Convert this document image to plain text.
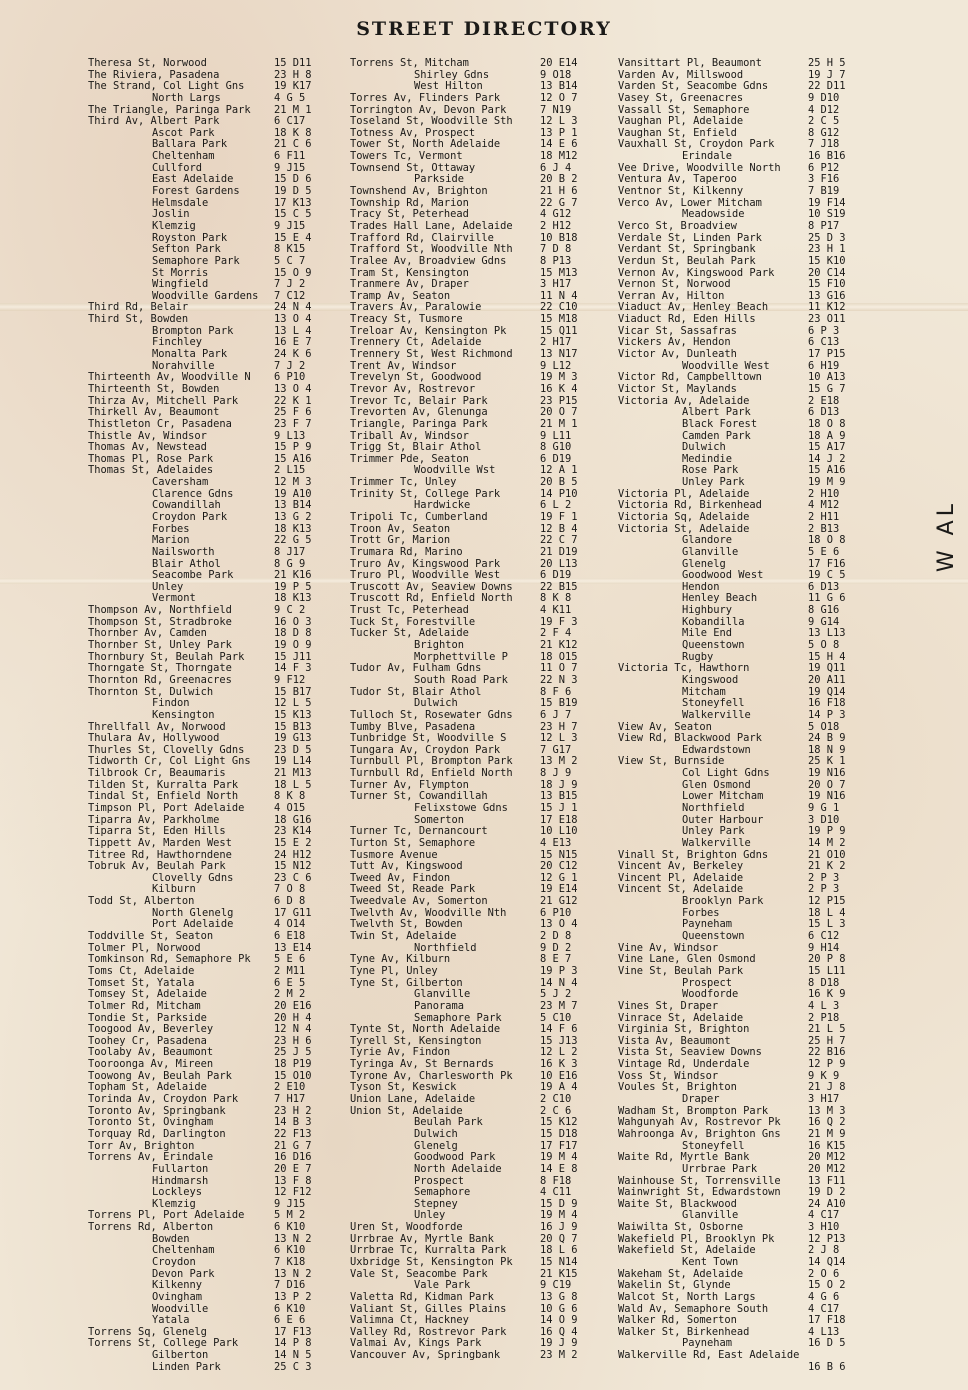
STREET DIRECTORY
Theresa St, Norwood	15 D11
The Riviera, Pasadena	23 H 8
The Strand, Col Light Gns	19 K17
North Largs	4 G 5
The Triangle, Paringa Park 21 M 1
Third Av, Albert Park	6 C17
Ascot Park	18 K 8
Ballara Park	21 C 6
Cheltenham	6 F11
Cullford	9 J15
East Adelaide	15 D 6
Forest Gardens	19 D 5
Helmsdale	17 K13
Joslin	15 C 5
Klemzig	9 J15
Royston Park	15 E 4
Sefton Park	8 K15
Semaphore Park	5 C 7
St Morris	15 O 9
Wingfield	7 J 2
Woodville Gardens 7 C12
Third Rd, Belair	24 N 4
Third St, Bowden	13 O 4
Brompton Park	13 L 4
Finchley	16 E 7
Monalta Park	24 K 6
Norahville	7 J 2
Thirteenth Av, Woodville N 6 P10
Thirteenth St, Bowden	13 O 4
Thirza Av, Mitchell Park	22 K 1
Thirkell Av, Beaumont	25 F 6
Thistleton Cr, Pasadena	23 F 7
Thistle Av, Windsor	9 L13
Thomas Av, Newstead	15 P 9
Thomas Pl, Rose Park	15 A16
Thomas St, Adelaides	2 L15
Caversham	12 M 3
Clarence Gdns	19 A10
Cowandillah	13 B14
Croydon Park	13 G 2
Forbes	18 K13
Marion	22 G 5
Nailsworth	8 J17
Blair Athol	8 G 9
Seacombe Park	21 K16
Unley	19 P 5
Vermont	18 K13
Thompson Av, Northfield	9 C 2
Thompson St, Stradbroke	16 O 3
Thornber Av, Camden	18 D 8
Thornber St, Unley Park	19 O 9
Thornbury St, Beulah Park	15 J11
Thorngate St, Thorngate	14 F 3
Thornton Rd, Greenacres	9 F12
Thornton St, Dulwich	15 B17
Findon	12 L 5
Kensington	15 K13
Threllfall Av, Norwood	15 B13
Thulara Av, Hollywood	19 G13
Thurles St, Clovelly Gdns	23 D 5
Tidworth Cr, Col Light Gns 19 L14
Tilbrook Cr, Beaumaris	21 M13
Tilden St, Kurralta Park	18 L 5
Tindal St, Enfield North	8 K 8
Timpson Pl, Port Adelaide	4 O15
Tiparra Av, Parkholme	18 G16
Tiparra St, Eden Hills	23 K14
Tippett Av, Marden West	15 E 2
Titree Rd, Hawthorndene	24 H12
Tobruk Av, Beulah Park	15 N12
Clovelly Gdns	23 C 6
Kilburn	7 O 8
Todd St, Alberton	6 D 8
North Glenelg	17 G11
Port Adelaide	4 O14
Toddville St, Seaton	6 E18
Tolmer Pl, Norwood	13 E14
Tomkinson Rd, Semaphore Pk 5 E 6
Toms Ct, Adelaide	2 M11
Tomset St, Yatala	6 E 5
Tomsey St, Adelaide	2 M 2
Tolmer Rd, Mitcham	20 E16
Tondie St, Parkside	20 H 4
Toogood Av, Beverley	12 N 4
Toohey Cr, Pasadena	23 H 6
Toolaby Av, Beaumont	25 J 5
Tooroonga Av, Mireen	18 P19
Toowong Av, Beulah Park	15 O10
Topham St, Adelaide	2 E10
Torinda Av, Croydon Park	7 H17
Toronto Av, Springbank	23 H 2
Toronto St, Ovingham	14 B 3
Torquay Rd, Darlington	22 F13
Torr Av, Brighton	21 G 7
Torrens Av, Erindale	16 D16
Fullarton	20 E 7
Hindmarsh	13 F 8
Lockleys	12 F12
Klemzig	9 J15
Torrens Pl, Port Adelaide	5 M 2
Torrens Rd, Alberton	6 K10
Bowden	13 N 2
Cheltenham	6 K10
Croydon	7 K18
Devon Park	13 N 2
Kilkenny	7 D16
Ovingham	13 P 2
Woodville	6 K10
Yatala	6 E 6
Torrens Sq, Glenelg	17 F13
Torrens St, College Park	14 P 8
Gilberton	14 N 5
Linden Park	25 C 3
Torrens St, Mitcham	20 E14
Shirley Gdns	9 O18
West Hilton	13 B14
Torres Av, Flinders Park	12 O 7
Torrington Av, Devon Park	7 N19
Toseland St, Woodville Sth	12 L 3
Totness Av, Prospect	13 P 1
Tower St, North Adelaide	14 E 6
Towers Tc, Vermont	18 M12
Townsend St, Ottaway	6 J 4
Parkside	20 B 2
Townshend Av, Brighton	21 H 6
Township Rd, Marion	22 G 7
Tracy St, Peterhead	4 G12
Trades Hall Lane, Adelaide	2 H12
Trafford Rd, Clairville	10 B18
Trafford St, Woodville Nth	7 D 8
Tralee Av, Broadview Gdns	8 P13
Tram St, Kensington	15 M13
Tranmere Av, Draper	3 H17
Tramp Av, Seaton	11 N 4
Travers Av, Paralowie	22 C10
Treacy St, Tusmore	15 M18
Treloar Av, Kensington Pk	15 Q11
Trennery Ct, Adelaide	2 H17
Trennery St, West Richmond	13 N17
Trent Av, Windsor	9 L12
Trevelyn St, Goodwood	19 M 3
Trevor Av, Rostrevor	16 K 4
Trevor Tc, Belair Park	23 P15
Trevorten Av, Glenunga	20 O 7
Triangle, Paringa Park	21 M 1
Triball Av, Windsor	9 L11
Trigg St, Blair Athol	8 G10
Trimmer Pde, Seaton	6 D19
Woodville Wst	12 A 1
Trimmer Tc, Unley	20 B 5
Trinity St, College Park	14 P10
Hardwicke	6 L 2
Tripoli Tc, Cumberland	19 F 1
Troon Av, Seaton	12 B 4
Trott Gr, Marion	22 C 7
Trumara Rd, Marino	21 D19
Truro Av, Kingswood Park	20 L13
Truro Pl, Woodville West	6 D19
Truscott Av, Seaview Downs	22 B15
Truscott Rd, Enfield North	8 K 8
Trust Tc, Peterhead	4 K11
Tuck St, Forestville	19 F 3
Tucker St, Adelaide	2 F 4
Brighton	21 K12
Morphettville P	18 O15
Tudor Av, Fulham Gdns	11 O 7
South Road Park	22 N 3
Tudor St, Blair Athol	8 F 6
Dulwich	15 B19
Tulloch St, Rosewater Gdns	6 J 7
Tumby Blve, Pasadena	23 H 7
Tunbridge St, Woodville S	12 L 3
Tungara Av, Croydon Park	7 G17
Turnbull Pl, Brompton Park	13 M 2
Turnbull Rd, Enfield North	8 J 9
Turner Av, Flympton	18 J 9
Turner St, Cowandillah	13 B15
Felixstowe Gdns	15 J 1
Somerton	17 E18
Turner Tc, Dernancourt	10 L10
Turton St, Semaphore	4 E13
Tusmore Avenue	15 N15
Tutt Av, Kingswood	20 C12
Tweed Av, Findon	12 G 1
Tweed St, Reade Park	19 E14
Tweedvale Av, Somerton	21 G12
Twelvth Av, Woodville Nth	6 P10
Twelvth St, Bowden	13 O 4
Twin St, Adelaide	2 D 8
Northfield	9 D 2
Tyne Av, Kilburn	8 E 7
Tyne Pl, Unley	19 P 3
Tyne St, Gilberton	14 N 4
Glanville	5 J 2
Panorama	23 M 7
Semaphore Park	5 C10
Tynte St, North Adelaide	14 F 6
Tyrell St, Kensington	15 J13
Tyrie Av, Findon	12 L 2
Tyringa Av, St Bernards	16 K 3
Tyrone Av, Charlesworth Pk	10 E16
Tyson St, Keswick	19 A 4
Union Lane, Adelaide	2 C10
Union St, Adelaide	2 C 6
Beulah Park	15 K12
Dulwich	15 D18
Glenelg	17 F17
Goodwood Park	19 M 4
North Adelaide	14 E 8
Prospect	8 F18
Semaphore	4 C11
Stepney	15 D 9
Unley	19 M 4
Uren St, Woodforde	16 J 9
Urrbrae Av, Myrtle Bank	20 Q 7
Urrbrae Tc, Kurralta Park	18 L 6
Uxbridge St, Kensington Pk	15 N14
Vale St, Seacombe Park	21 K15
Vale Park	9 C19
Valetta Rd, Kidman Park	13 G 8
Valiant St, Gilles Plains	10 G 6
Valimna Ct, Hackney	14 O 9
Valley Rd, Rostrevor Park	16 Q 4
Valmai Av, Kings Park	19 J 9
Vancouver Av, Springbank	23 M 2
Vansittart Pl, Beaumont	25 H 5
Varden Av, Millswood	19 J 7
Varden St, Seacombe Gdns	22 D11
Vasey St, Greenacres	9 D10
Vassall St, Semaphore	4 D12
Vaughan Pl, Adelaide	2 C 5
Vaughan St, Enfield	8 G12
Vauxhall St, Croydon Park	7 J18
Erindale	16 B16
Vee Drive, Woodville North	6 P12
Ventura Av, Taperoo	3 F16
Ventnor St, Kilkenny	7 B19
Verco Av, Lower Mitcham	19 F14
Meadowside	10 S19
Verco St, Broadview	8 P17
Verdale St, Linden Park	25 D 3
Verdant St, Springbank	23 H 1
Verdun St, Beulah Park	15 K10
Vernon Av, Kingswood Park	20 C14
Vernon St, Norwood	15 F10
Verran Av, Hilton	13 G16
Viaduct Av, Henley Beach	11 K12
Viaduct Rd, Eden Hills	23 O11
Vicar St, Sassafras	6 P 3
Vickers Av, Hendon	6 C13
Victor Av, Dunleath	17 P15
Woodville West	6 H19
Victor Rd, Campbelltown	10 A13
Victor St, Maylands	15 G 7
Victoria Av, Adelaide	2 E18
Albert Park	6 D13
Black Forest	18 O 8
Camden Park	18 A 9
Dulwich	15 A17
Medindie	14 J 2
Rose Park	15 A16
Unley Park	19 M 9
Victoria Pl, Adelaide	2 H10
Victoria Rd, Birkenhead	4 M12
Victoria Sq, Adelaide	2 H11
Victoria St, Adelaide	2 B13
Glandore	18 O 8
Glanville	5 E 6
Glenelg	17 F16
Goodwood West	19 C 5
Hendon	6 D13
Henley Beach	11 G 6
Highbury	8 G16
Kobandilla	9 G14
Mile End	13 L13
Queenstown	5 O 8
Rugby	15 H 4
Victoria Tc, Hawthorn	19 Q11
Kingswood	20 A11
Mitcham	19 Q14
Stoneyfell	16 F18
Walkerville	14 P 3
View Av, Seaton	5 O18
View Rd, Blackwood Park	24 B 9
Edwardstown	18 N 9
View St, Burnside	25 K 1
Col Light Gdns	19 N16
Glen Osmond	20 O 7
Lower Mitcham	19 N16
Northfield	9 G 1
Outer Harbour	3 D10
Unley Park	19 P 9
Walkerville	14 M 2
Vinall St, Brighton Gdns	21 O10
Vincent Av, Berkeley	21 K 2
Vincent Pl, Adelaide	2 P 3
Vincent St, Adelaide	2 P 3
Brooklyn Park	12 P15
Forbes	18 L 4
Payneham	15 L 3
Queenstown	6 C12
Vine Av, Windsor	9 H14
Vine Lane, Glen Osmond	20 P 8
Vine St, Beulah Park	15 L11
Prospect	8 D18
Woodforde	16 K 9
Vines St, Draper	4 L 3
Vinrace St, Adelaide	2 P18
Virginia St, Brighton	21 L 5
Vista Av, Beaumont	25 H 7
Vista St, Seaview Downs	22 B16
Vintage Rd, Underdale	12 P 9
Voss St, Windsor	9 K 9
Voules St, Brighton	21 J 8
Draper	3 H17
Wadham St, Brompton Park	13 M 3
Wahgunyah Av, Rostrevor Pk	16 Q 2
Wahroonga Av, Brighton Gns	21 M 9
Stoneyfell	16 K15
Waite Rd, Myrtle Bank	20 M12
Urrbrae Park	20 M12
Wainhouse St, Torrensville	13 F11
Wainwright St, Edwardstown	19 D 2
Waite St, Blackwood	24 A10
Glanville	4 C17
Waiwilta St, Osborne	3 H10
Wakefield Pl, Brooklyn Pk	12 P13
Wakefield St, Adelaide	2 J 8
Kent Town	14 Q14
Wakeham St, Adelaide	2 O 6
Wakelin St, Glynde	15 O 2
Walcot St, North Largs	4 G 6
Wald Av, Semaphore South	4 C17
Walker Rd, Somerton	17 F18
Walker St, Birkenhead	4 L13
Payneham	16 D 5
Walkerville Rd, East Adelaide
16 B 6
W AL
